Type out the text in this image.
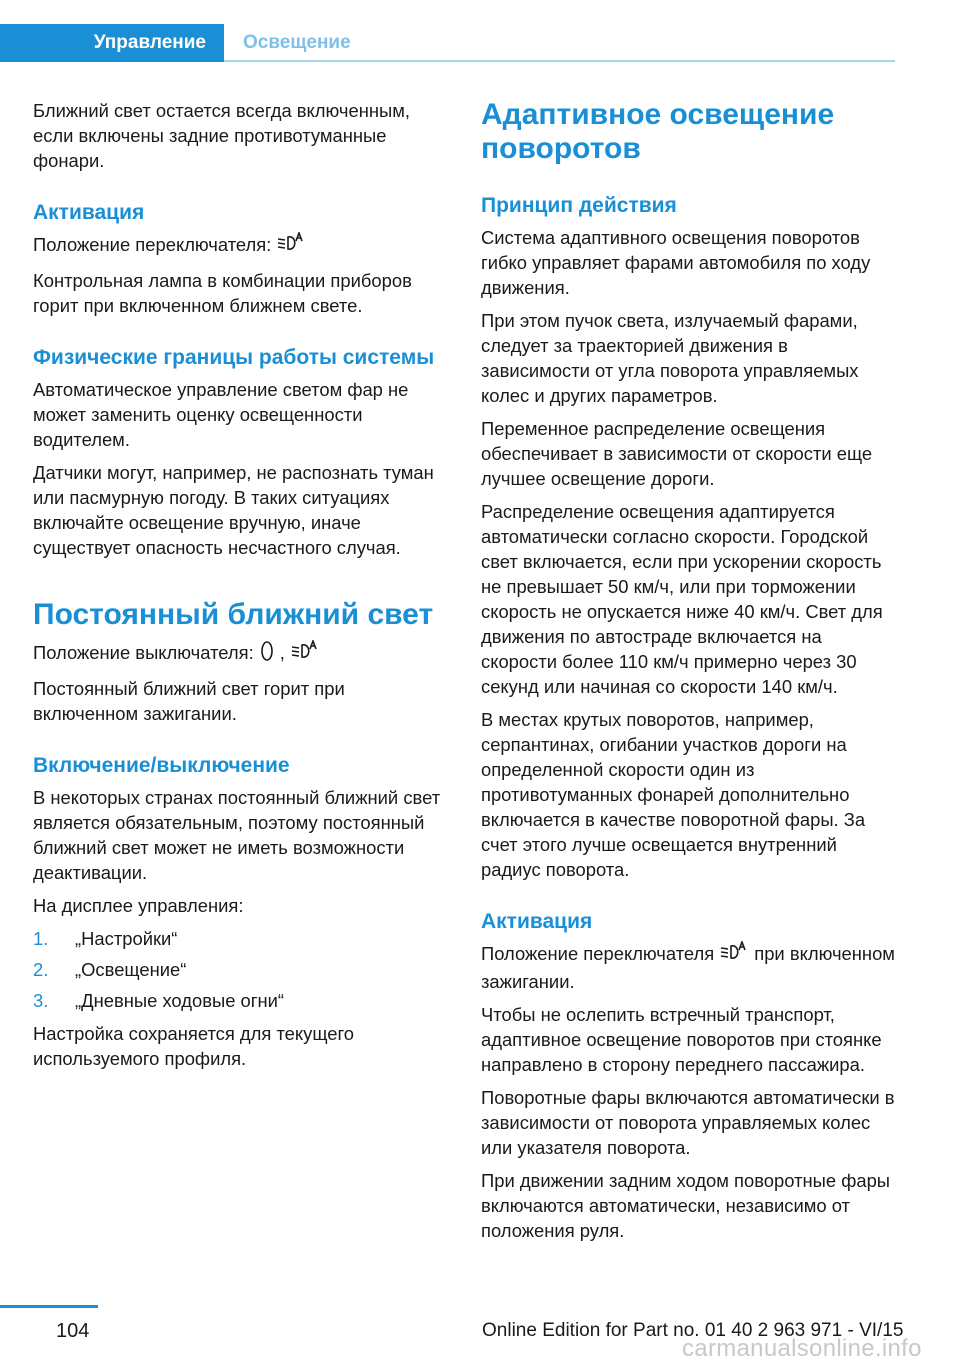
Управление	Освещение

Ближний свет остается всегда включенным, если включены задние противотуманные фонари.

Активация

Положение переключателя:

Контрольная лампа в комбинации приборов горит при включенном ближнем свете.

Физические границы работы системы

Автоматическое управление светом фар не может заменить оценку освещенности водителем.

Датчики могут, например, не распознать туман или пасмурную погоду. В таких ситуациях включайте освещение вручную, иначе существует опасность несчастного случая.

Постоянный ближний свет

Положение выключателя: ,

Постоянный ближний свет горит при включенном зажигании.

Включение/выключение

В некоторых странах постоянный ближний свет является обязательным, поэтому постоянный ближний свет может не иметь возможности деактивации.

На дисплее управления:

1. „Настройки“
2. „Освещение“
3. „Дневные ходовые огни“

Настройка сохраняется для текущего используемого профиля.

Адаптивное освещение поворотов
Принцип действия

Система адаптивного освещения поворотов гибко управляет фарами автомобиля по ходу движения.

При этом пучок света, излучаемый фарами, следует за траекторией движения в зависимости от угла поворота управляемых колес и других параметров.

Переменное распределение освещения обеспечивает в зависимости от скорости еще лучшее освещение дороги.

Распределение освещения адаптируется автоматически согласно скорости. Городской свет включается, если при ускорении скорость не превышает 50 км/ч, или при торможении скорость не опускается ниже 40 км/ч. Свет для движения по автостраде включается на скорости более 110 км/ч примерно через 30 секунд или начиная со скорости 140 км/ч.

В местах крутых поворотов, например, серпантинах, огибании участков дороги на определенной скорости один из противотуманных фонарей дополнительно включается в качестве поворотной фары. За счет этого лучше освещается внутренний радиус поворота.

Активация

Положение переключателя при включенном зажигании.

Чтобы не ослепить встречный транспорт, адаптивное освещение поворотов при стоянке направлено в сторону переднего пассажира.

Поворотные фары включаются автоматически в зависимости от поворота управляемых колес или указателя поворота.

При движении задним ходом поворотные фары включаются автоматически, независимо от положения руля.

104	Online Edition for Part no. 01 40 2 963 971 - VI/15
carmanualsonline.info
